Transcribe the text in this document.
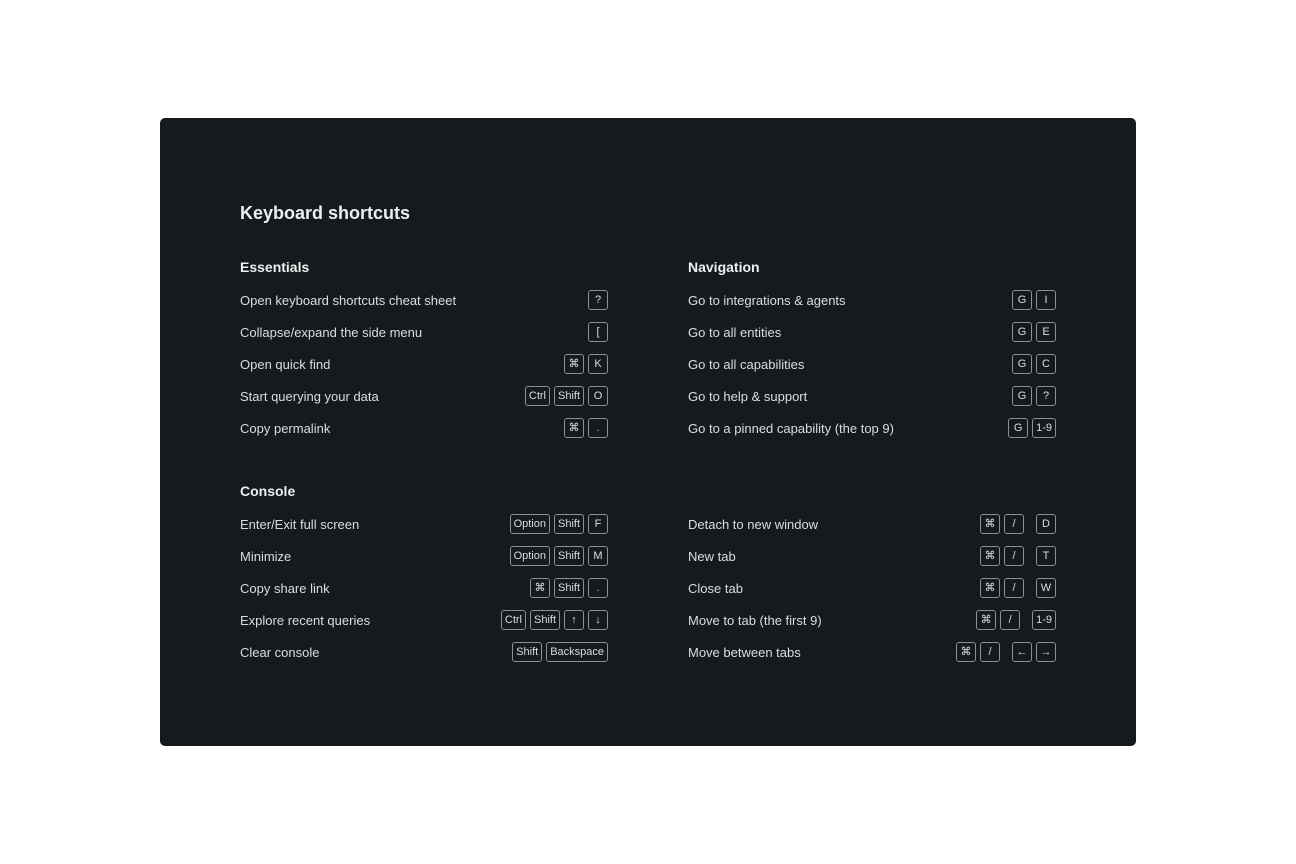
Keyboard shortcuts
Essentials
Open keyboard shortcuts cheat sheet	?
Collapse/expand the side menu	[
Open quick find	⌘	K
Start querying your data	Ctrl	Shift	O
Copy permalink	⌘	.
Navigation
Go to integrations & agents	G	I
Go to all entities	G	E
Go to all capabilities	G	C
Go to help & support	G	?
Go to a pinned capability (the top 9)	G	1-9
Console
Enter/Exit full screen	Option	Shift	F
Minimize	Option	Shift	M
Copy share link	⌘	Shift	.
Explore recent queries	Ctrl	Shift	↑	↓
Clear console	Shift	Backspace
Detach to new window	⌘	/	D
New tab	⌘	/	T
Close tab	⌘	/	W
Move to tab (the first 9)	⌘	/	1-9
Move between tabs	⌘	/	←	→
